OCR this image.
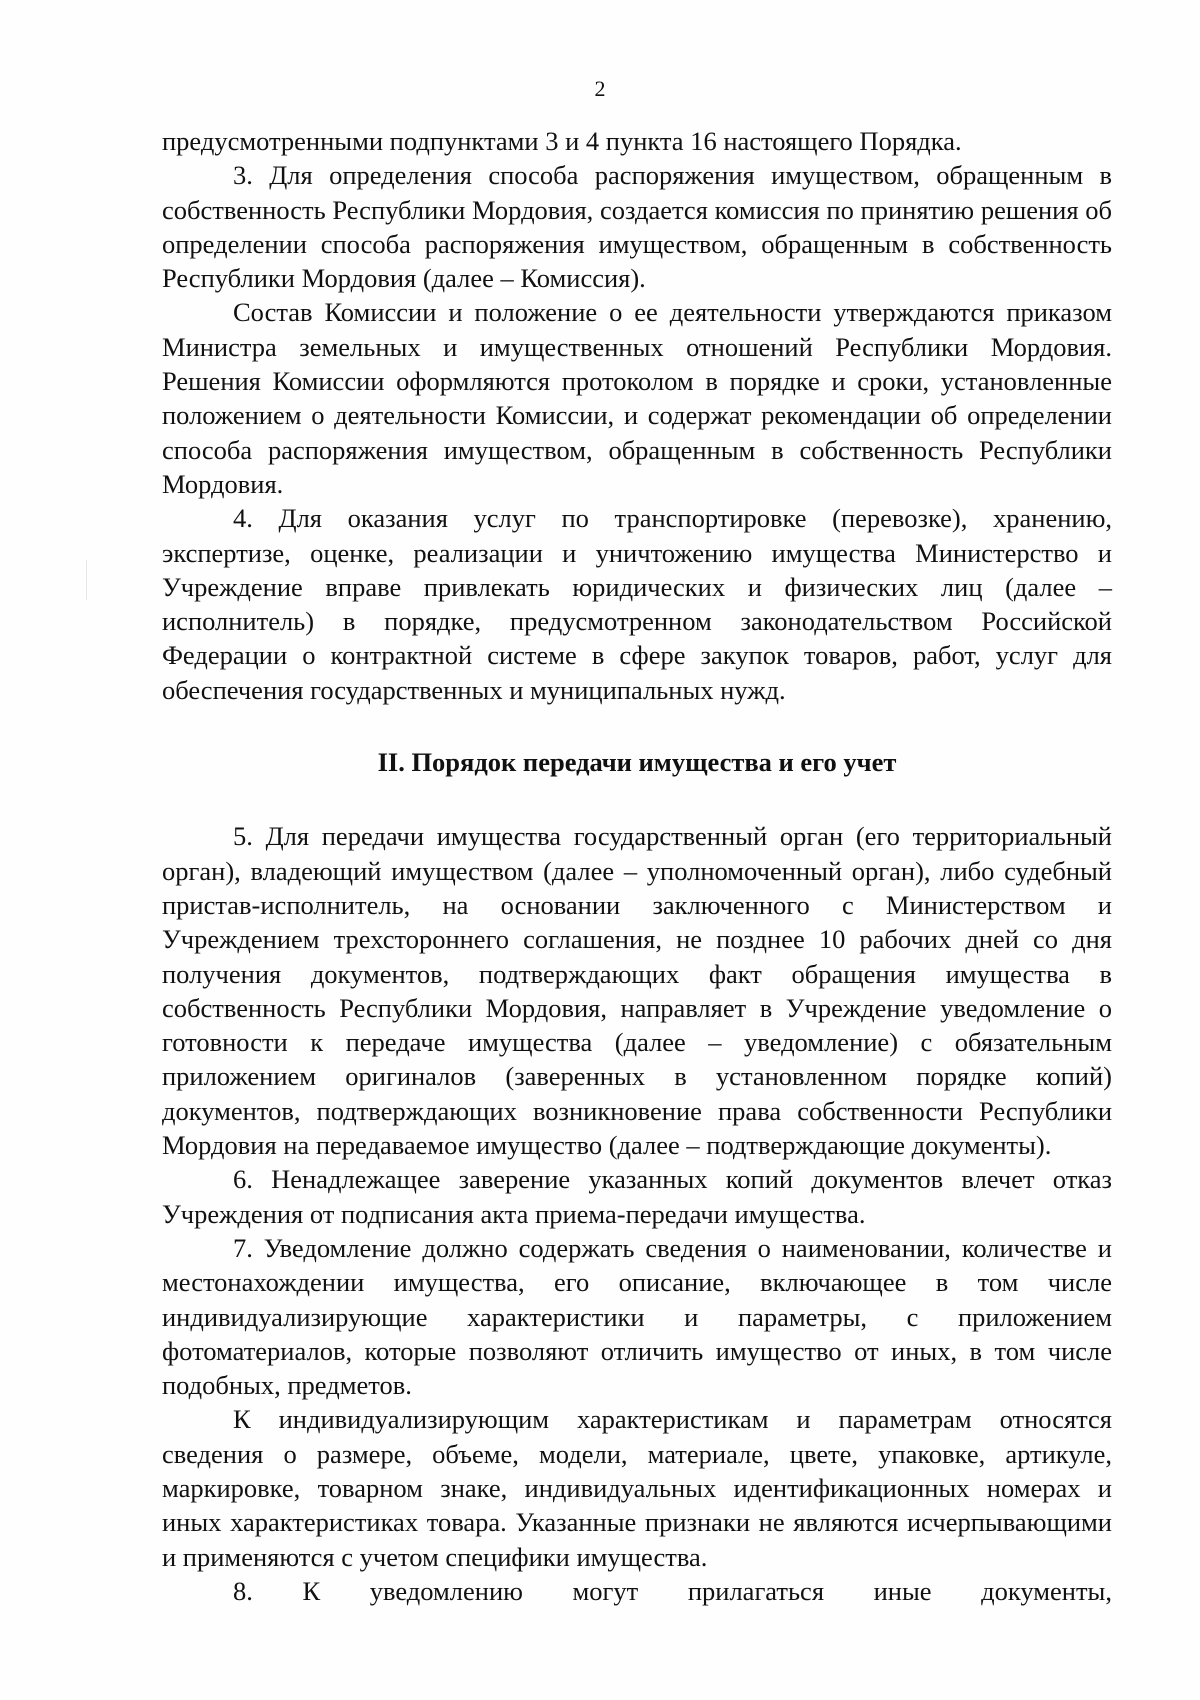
2

предусмотренными подпунктами 3 и 4 пункта 16 настоящего Порядка.

3. Для определения способа распоряжения имуществом, обращенным в собственность Республики Мордовия, создается комиссия по принятию решения об определении способа распоряжения имуществом, обращенным в собственность Республики Мордовия (далее – Комиссия).

Состав Комиссии и положение о ее деятельности утверждаются приказом Министра земельных и имущественных отношений Республики Мордовия. Решения Комиссии оформляются протоколом в порядке и сроки, установленные положением о деятельности Комиссии, и содержат рекомендации об определении способа распоряжения имуществом, обращенным в собственность Республики Мордовия.

4. Для оказания услуг по транспортировке (перевозке), хранению, экспертизе, оценке, реализации и уничтожению имущества Министерство и Учреждение вправе привлекать юридических и физических лиц (далее – исполнитель) в порядке, предусмотренном законодательством Российской Федерации о контрактной системе в сфере закупок товаров, работ, услуг для обеспечения государственных и муниципальных нужд.

II. Порядок передачи имущества и его учет

5. Для передачи имущества государственный орган (его территориальный орган), владеющий имуществом (далее – уполномоченный орган), либо судебный пристав-исполнитель, на основании заключенного с Министерством и Учреждением трехстороннего соглашения, не позднее 10 рабочих дней со дня получения документов, подтверждающих факт обращения имущества в собственность Республики Мордовия, направляет в Учреждение уведомление о готовности к передаче имущества (далее – уведомление) с обязательным приложением оригиналов (заверенных в установленном порядке копий) документов, подтверждающих возникновение права собственности Республики Мордовия на передаваемое имущество (далее – подтверждающие документы).

6. Ненадлежащее заверение указанных копий документов влечет отказ Учреждения от подписания акта приема-передачи имущества.

7. Уведомление должно содержать сведения о наименовании, количестве и местонахождении имущества, его описание, включающее в том числе индивидуализирующие характеристики и параметры, с приложением фотоматериалов, которые позволяют отличить имущество от иных, в том числе подобных, предметов.

К индивидуализирующим характеристикам и параметрам относятся сведения о размере, объеме, модели, материале, цвете, упаковке, артикуле, маркировке, товарном знаке, индивидуальных идентификационных номерах и иных характеристиках товара. Указанные признаки не являются исчерпывающими и применяются с учетом специфики имущества.

8. К уведомлению могут прилагаться иные документы,
